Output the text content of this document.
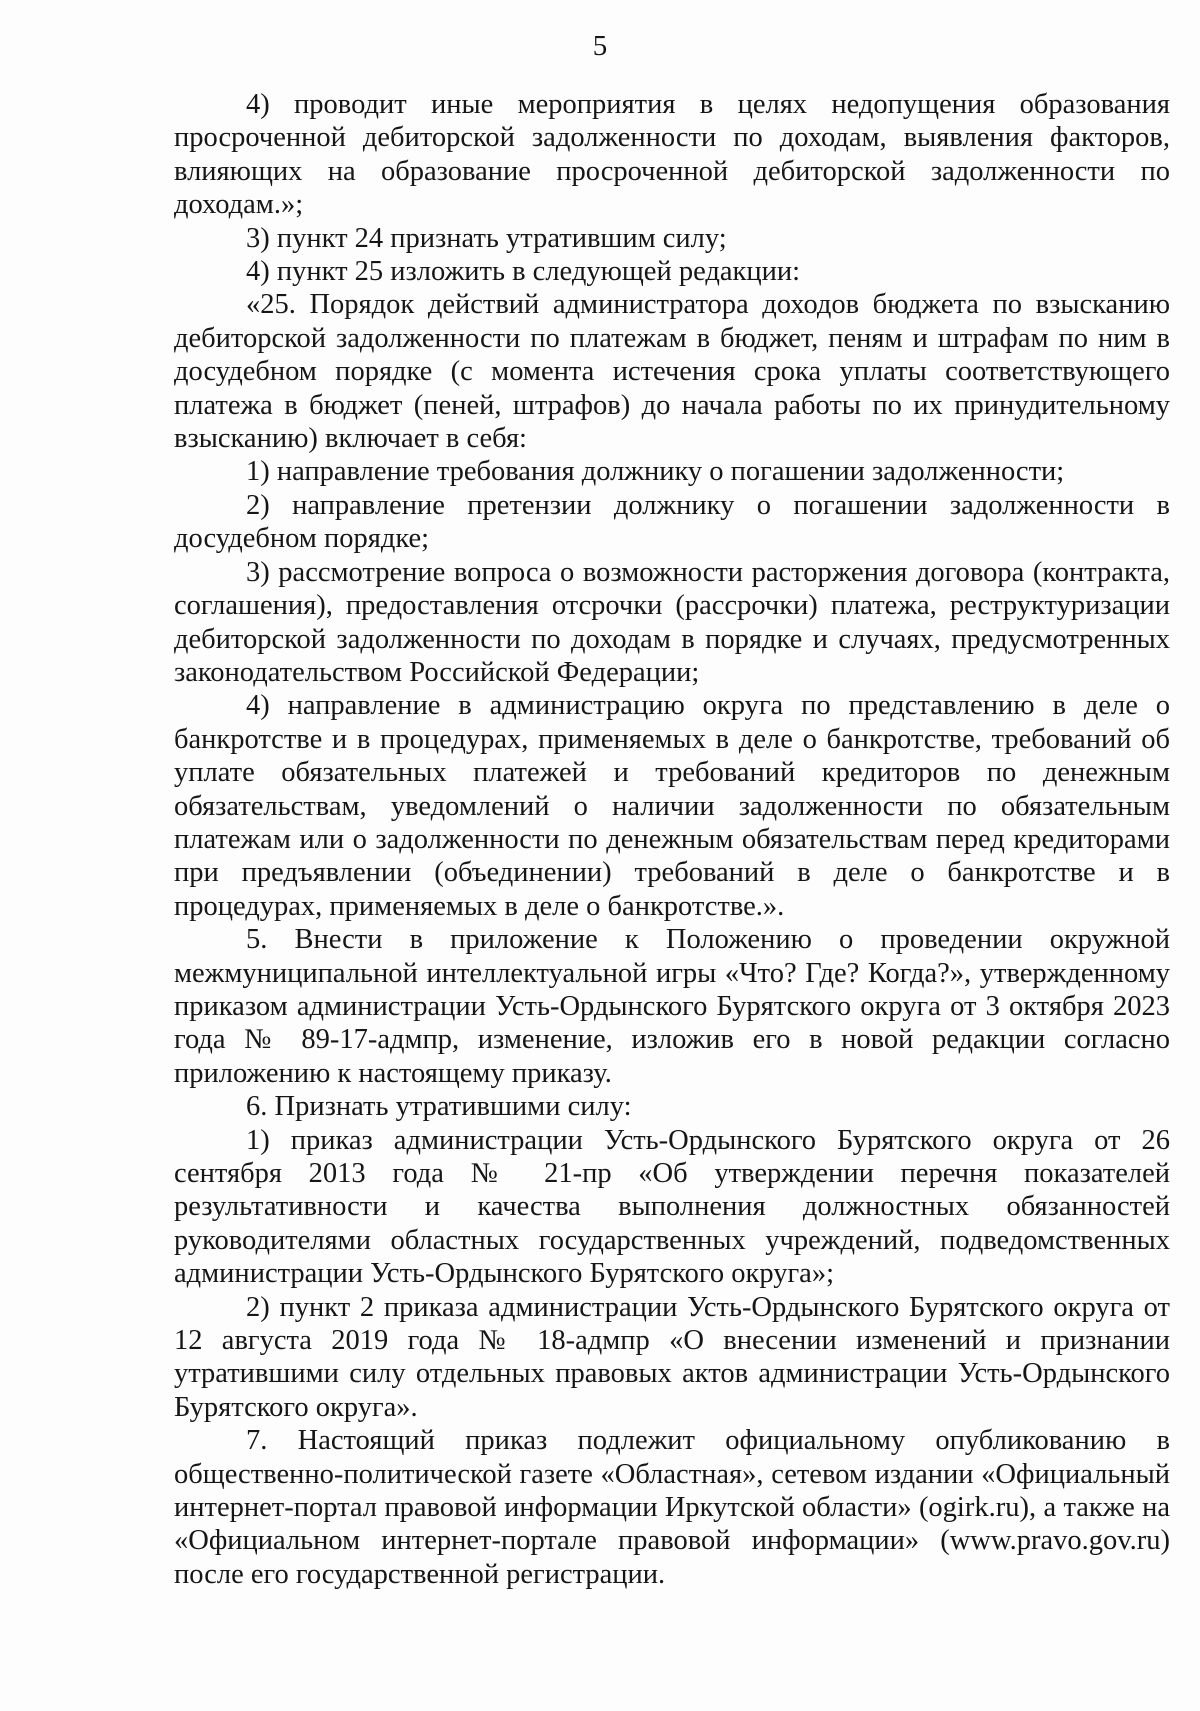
5

4) проводит иные мероприятия в целях недопущения образования просроченной дебиторской задолженности по доходам, выявления факторов, влияющих на образование просроченной дебиторской задолженности по доходам.»;

3) пункт 24 признать утратившим силу;

4) пункт 25 изложить в следующей редакции:

«25. Порядок действий администратора доходов бюджета по взысканию дебиторской задолженности по платежам в бюджет, пеням и штрафам по ним в досудебном порядке (с момента истечения срока уплаты соответствующего платежа в бюджет (пеней, штрафов) до начала работы по их принудительному взысканию) включает в себя:

1) направление требования должнику о погашении задолженности;

2) направление претензии должнику о погашении задолженности в досудебном порядке;

3) рассмотрение вопроса о возможности расторжения договора (контракта, соглашения), предоставления отсрочки (рассрочки) платежа, реструктуризации дебиторской задолженности по доходам в порядке и случаях, предусмотренных законодательством Российской Федерации;

4) направление в администрацию округа по представлению в деле о банкротстве и в процедурах, применяемых в деле о банкротстве, требований об уплате обязательных платежей и требований кредиторов по денежным обязательствам, уведомлений о наличии задолженности по обязательным платежам или о задолженности по денежным обязательствам перед кредиторами при предъявлении (объединении) требований в деле о банкротстве и в процедурах, применяемых в деле о банкротстве.».

5. Внести в приложение к Положению о проведении окружной межмуниципальной интеллектуальной игры «Что? Где? Когда?», утвержденному приказом администрации Усть-Ордынского Бурятского округа от 3 октября 2023 года № 89-17-адмпр, изменение, изложив его в новой редакции согласно приложению к настоящему приказу.

6. Признать утратившими силу:

1) приказ администрации Усть-Ордынского Бурятского округа от 26 сентября 2013 года № 21-пр «Об утверждении перечня показателей результативности и качества выполнения должностных обязанностей руководителями областных государственных учреждений, подведомственных администрации Усть-Ордынского Бурятского округа»;

2) пункт 2 приказа администрации Усть-Ордынского Бурятского округа от 12 августа 2019 года № 18-адмпр «О внесении изменений и признании утратившими силу отдельных правовых актов администрации Усть-Ордынского Бурятского округа».

7. Настоящий приказ подлежит официальному опубликованию в общественно-политической газете «Областная», сетевом издании «Официальный интернет-портал правовой информации Иркутской области» (ogirk.ru), а также на «Официальном интернет-портале правовой информации» (www.pravo.gov.ru) после его государственной регистрации.
